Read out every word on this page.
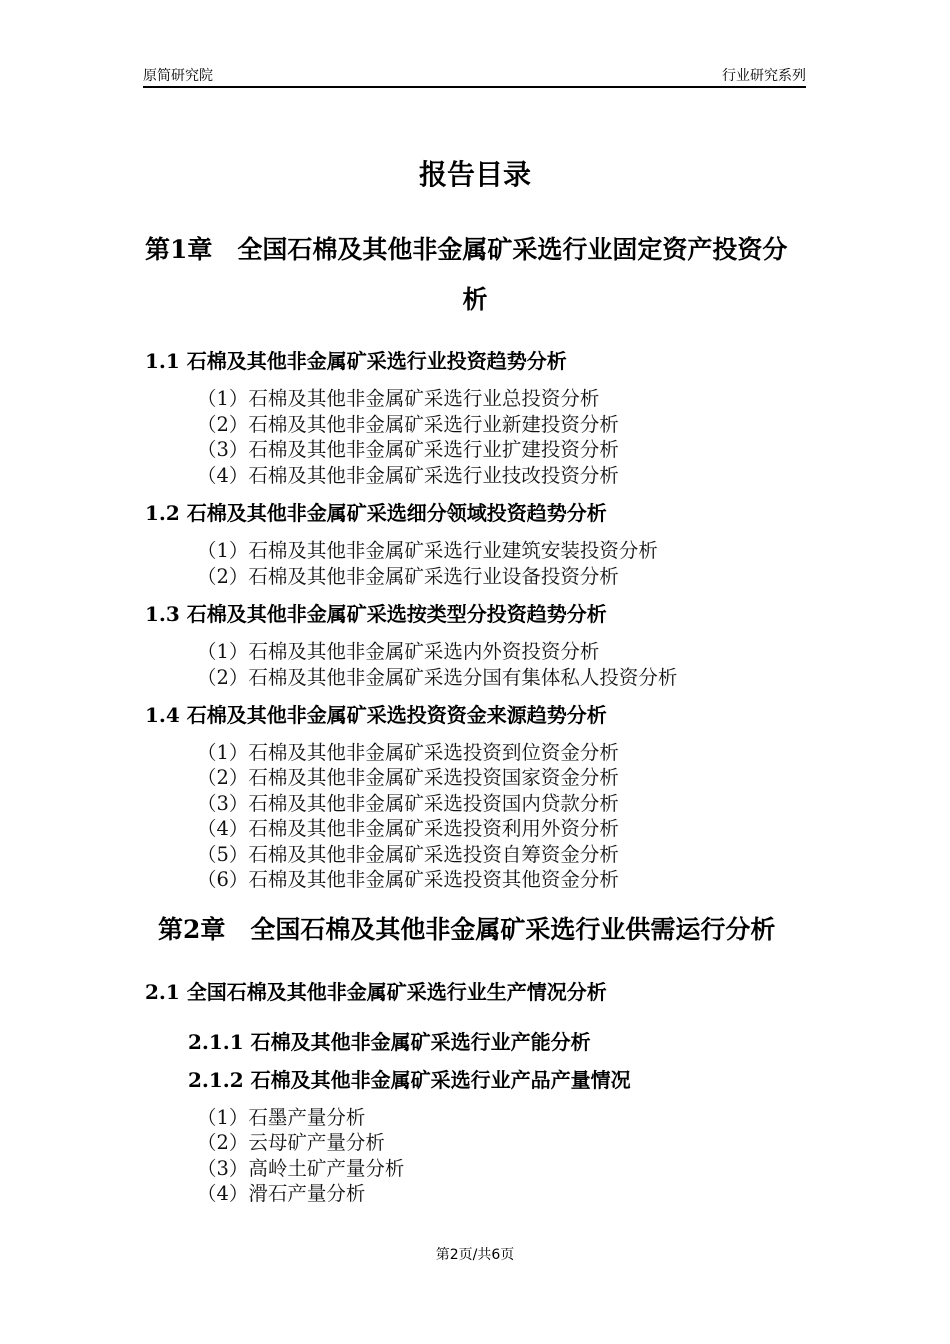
原简研究院	行业研究系列
报告目录
第1章　全国石棉及其他非金属矿采选行业固定资产投资分
析
1.1 石棉及其他非金属矿采选行业投资趋势分析
（1）石棉及其他非金属矿采选行业总投资分析
（2）石棉及其他非金属矿采选行业新建投资分析
（3）石棉及其他非金属矿采选行业扩建投资分析
（4）石棉及其他非金属矿采选行业技改投资分析
1.2 石棉及其他非金属矿采选细分领域投资趋势分析
（1）石棉及其他非金属矿采选行业建筑安装投资分析
（2）石棉及其他非金属矿采选行业设备投资分析
1.3 石棉及其他非金属矿采选按类型分投资趋势分析
（1）石棉及其他非金属矿采选内外资投资分析
（2）石棉及其他非金属矿采选分国有集体私人投资分析
1.4 石棉及其他非金属矿采选投资资金来源趋势分析
（1）石棉及其他非金属矿采选投资到位资金分析
（2）石棉及其他非金属矿采选投资国家资金分析
（3）石棉及其他非金属矿采选投资国内贷款分析
（4）石棉及其他非金属矿采选投资利用外资分析
（5）石棉及其他非金属矿采选投资自筹资金分析
（6）石棉及其他非金属矿采选投资其他资金分析
第2章　全国石棉及其他非金属矿采选行业供需运行分析
2.1 全国石棉及其他非金属矿采选行业生产情况分析
2.1.1 石棉及其他非金属矿采选行业产能分析
2.1.2 石棉及其他非金属矿采选行业产品产量情况
（1）石墨产量分析
（2）云母矿产量分析
（3）高岭土矿产量分析
（4）滑石产量分析
第2页/共6页
